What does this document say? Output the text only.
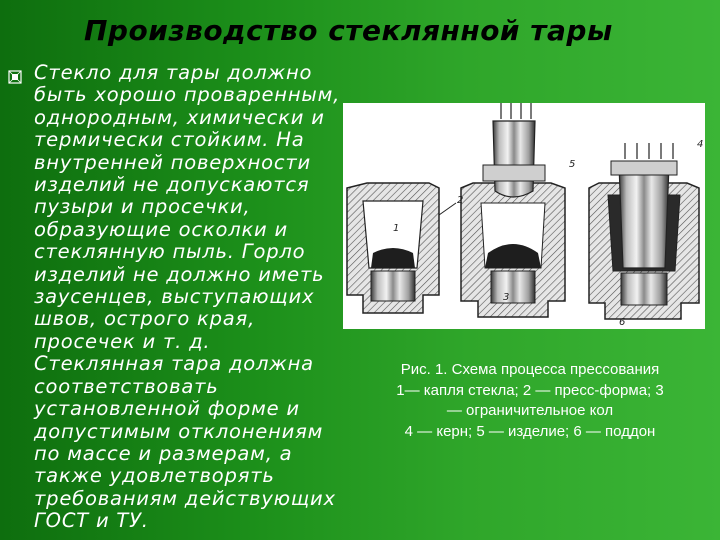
Производство стеклянной тары
Стекло для тары должно
быть хорошо проваренным,
однородным, химически и
термически стойким. На
внутренней поверхности
изделий не допускаются
пузыри и просечки,
образующие осколки и
стеклянную пыль. Горло
изделий не должно иметь
заусенцев, выступающих
швов, острого края,
просечек и т. д.
Стеклянная тара должна
соответствовать
установленной форме и
допустимым отклонениям
по массе и размерам, а
также удовлетворять
требованиям действующих
ГОСТ и ТУ.
1
2
3
4
5
6
Рис. 1. Схема процесса прессования
1— капля стекла; 2 — пресс-форма; 3
— ограничительное кол
4 — керн; 5 — изделие; 6 — поддон
